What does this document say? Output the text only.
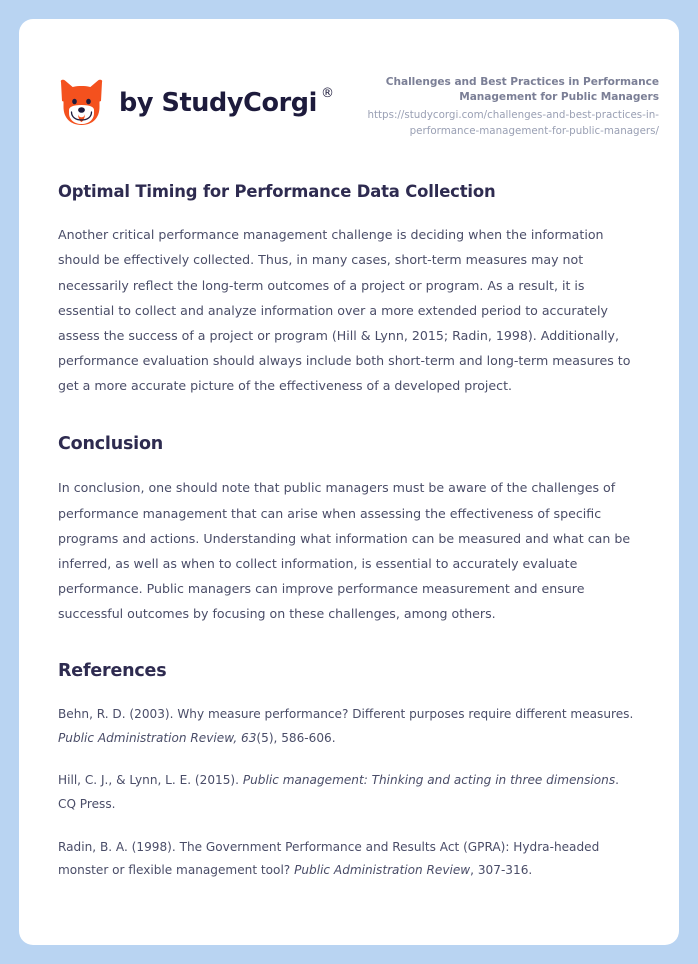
by StudyCorgi ®
Challenges and Best Practices in Performance Management for Public Managers
https://studycorgi.com/challenges-and-best-practices-in-performance-management-for-public-managers/
Optimal Timing for Performance Data Collection

Another critical performance management challenge is deciding when the information should be effectively collected. Thus, in many cases, short-term measures may not necessarily reflect the long-term outcomes of a project or program. As a result, it is essential to collect and analyze information over a more extended period to accurately assess the success of a project or program (Hill & Lynn, 2015; Radin, 1998). Additionally, performance evaluation should always include both short-term and long-term measures to get a more accurate picture of the effectiveness of a developed project.

Conclusion

In conclusion, one should note that public managers must be aware of the challenges of performance management that can arise when assessing the effectiveness of specific programs and actions. Understanding what information can be measured and what can be inferred, as well as when to collect information, is essential to accurately evaluate performance. Public managers can improve performance measurement and ensure successful outcomes by focusing on these challenges, among others.

References

Behn, R. D. (2003). Why measure performance? Different purposes require different measures. Public Administration Review, 63(5), 586-606.

Hill, C. J., & Lynn, L. E. (2015). Public management: Thinking and acting in three dimensions. CQ Press.

Radin, B. A. (1998). The Government Performance and Results Act (GPRA): Hydra-headed monster or flexible management tool? Public Administration Review, 307-316.
